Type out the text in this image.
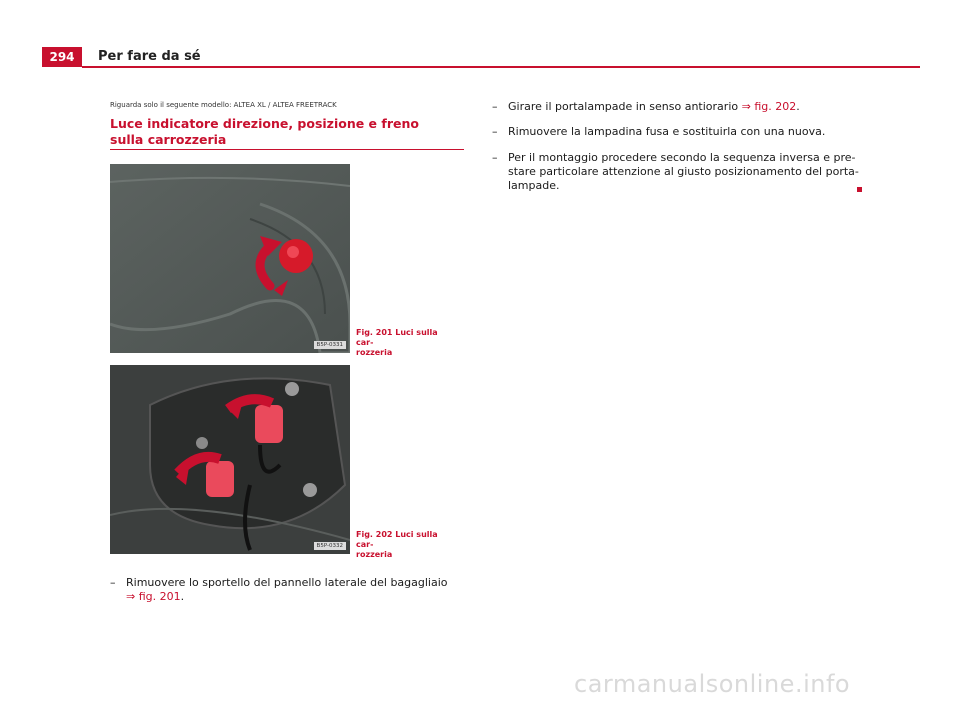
294	Per fare da sé
Riguarda solo il seguente modello: ALTEA XL / ALTEA FREETRACK
Luce indicatore direzione, posizione e freno sulla carrozzeria
B5P-0331
Fig. 201 Luci sulla car-
rozzeria
B5P-0332
Fig. 202 Luci sulla car-
rozzeria
– Rimuovere lo sportello del pannello laterale del bagagliaio
⇒ fig. 201.
– Girare il portalampade in senso antiorario ⇒ fig. 202.
– Rimuovere la lampadina fusa e sostituirla con una nuova.
– Per il montaggio procedere secondo la sequenza inversa e pre-
stare particolare attenzione al giusto posizionamento del porta-
lampade.
carmanualsonline.info
